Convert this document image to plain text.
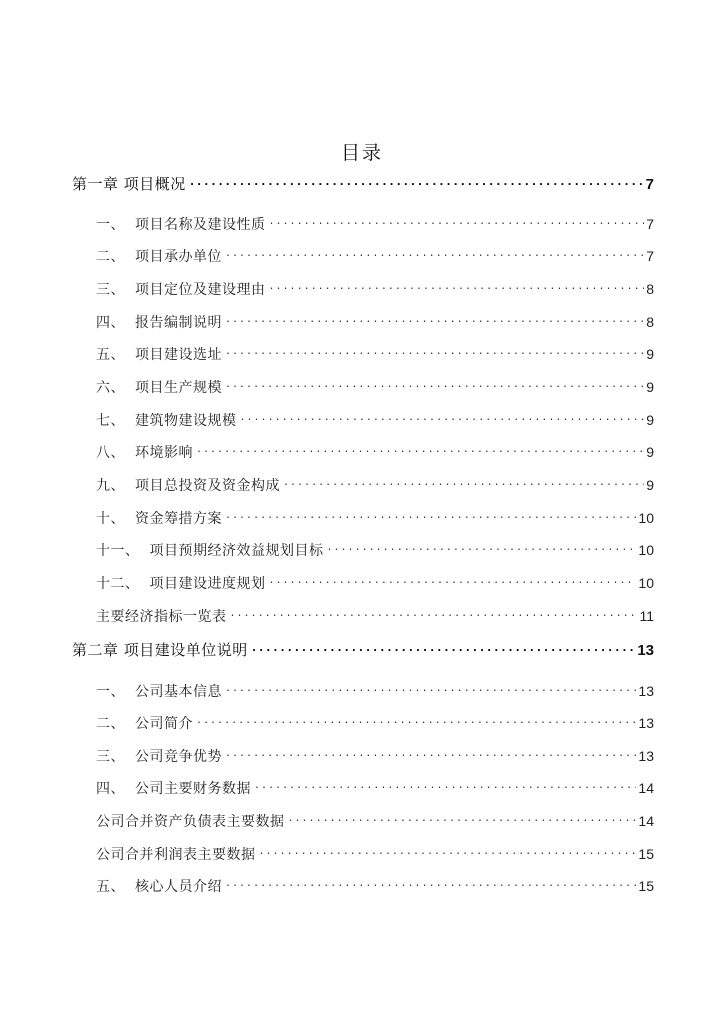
目录
第一章 项目概况 .....	7
一、 项目名称及建设性质 .....	7
二、 项目承办单位 .....	7
三、 项目定位及建设理由 .....	8
四、 报告编制说明 .....	8
五、 项目建设选址 .....	9
六、 项目生产规模 .....	9
七、 建筑物建设规模 .....	9
八、 环境影响 .....	9
九、 项目总投资及资金构成 .....	9
十、 资金筹措方案 .....	10
十一、 项目预期经济效益规划目标 .....	10
十二、 项目建设进度规划 .....	10
主要经济指标一览表 .....	11
第二章 项目建设单位说明 .....	13
一、 公司基本信息 .....	13
二、 公司简介 .....	13
三、 公司竞争优势 .....	13
四、 公司主要财务数据 .....	14
公司合并资产负债表主要数据 .....	14
公司合并利润表主要数据 .....	15
五、 核心人员介绍 .....	15
